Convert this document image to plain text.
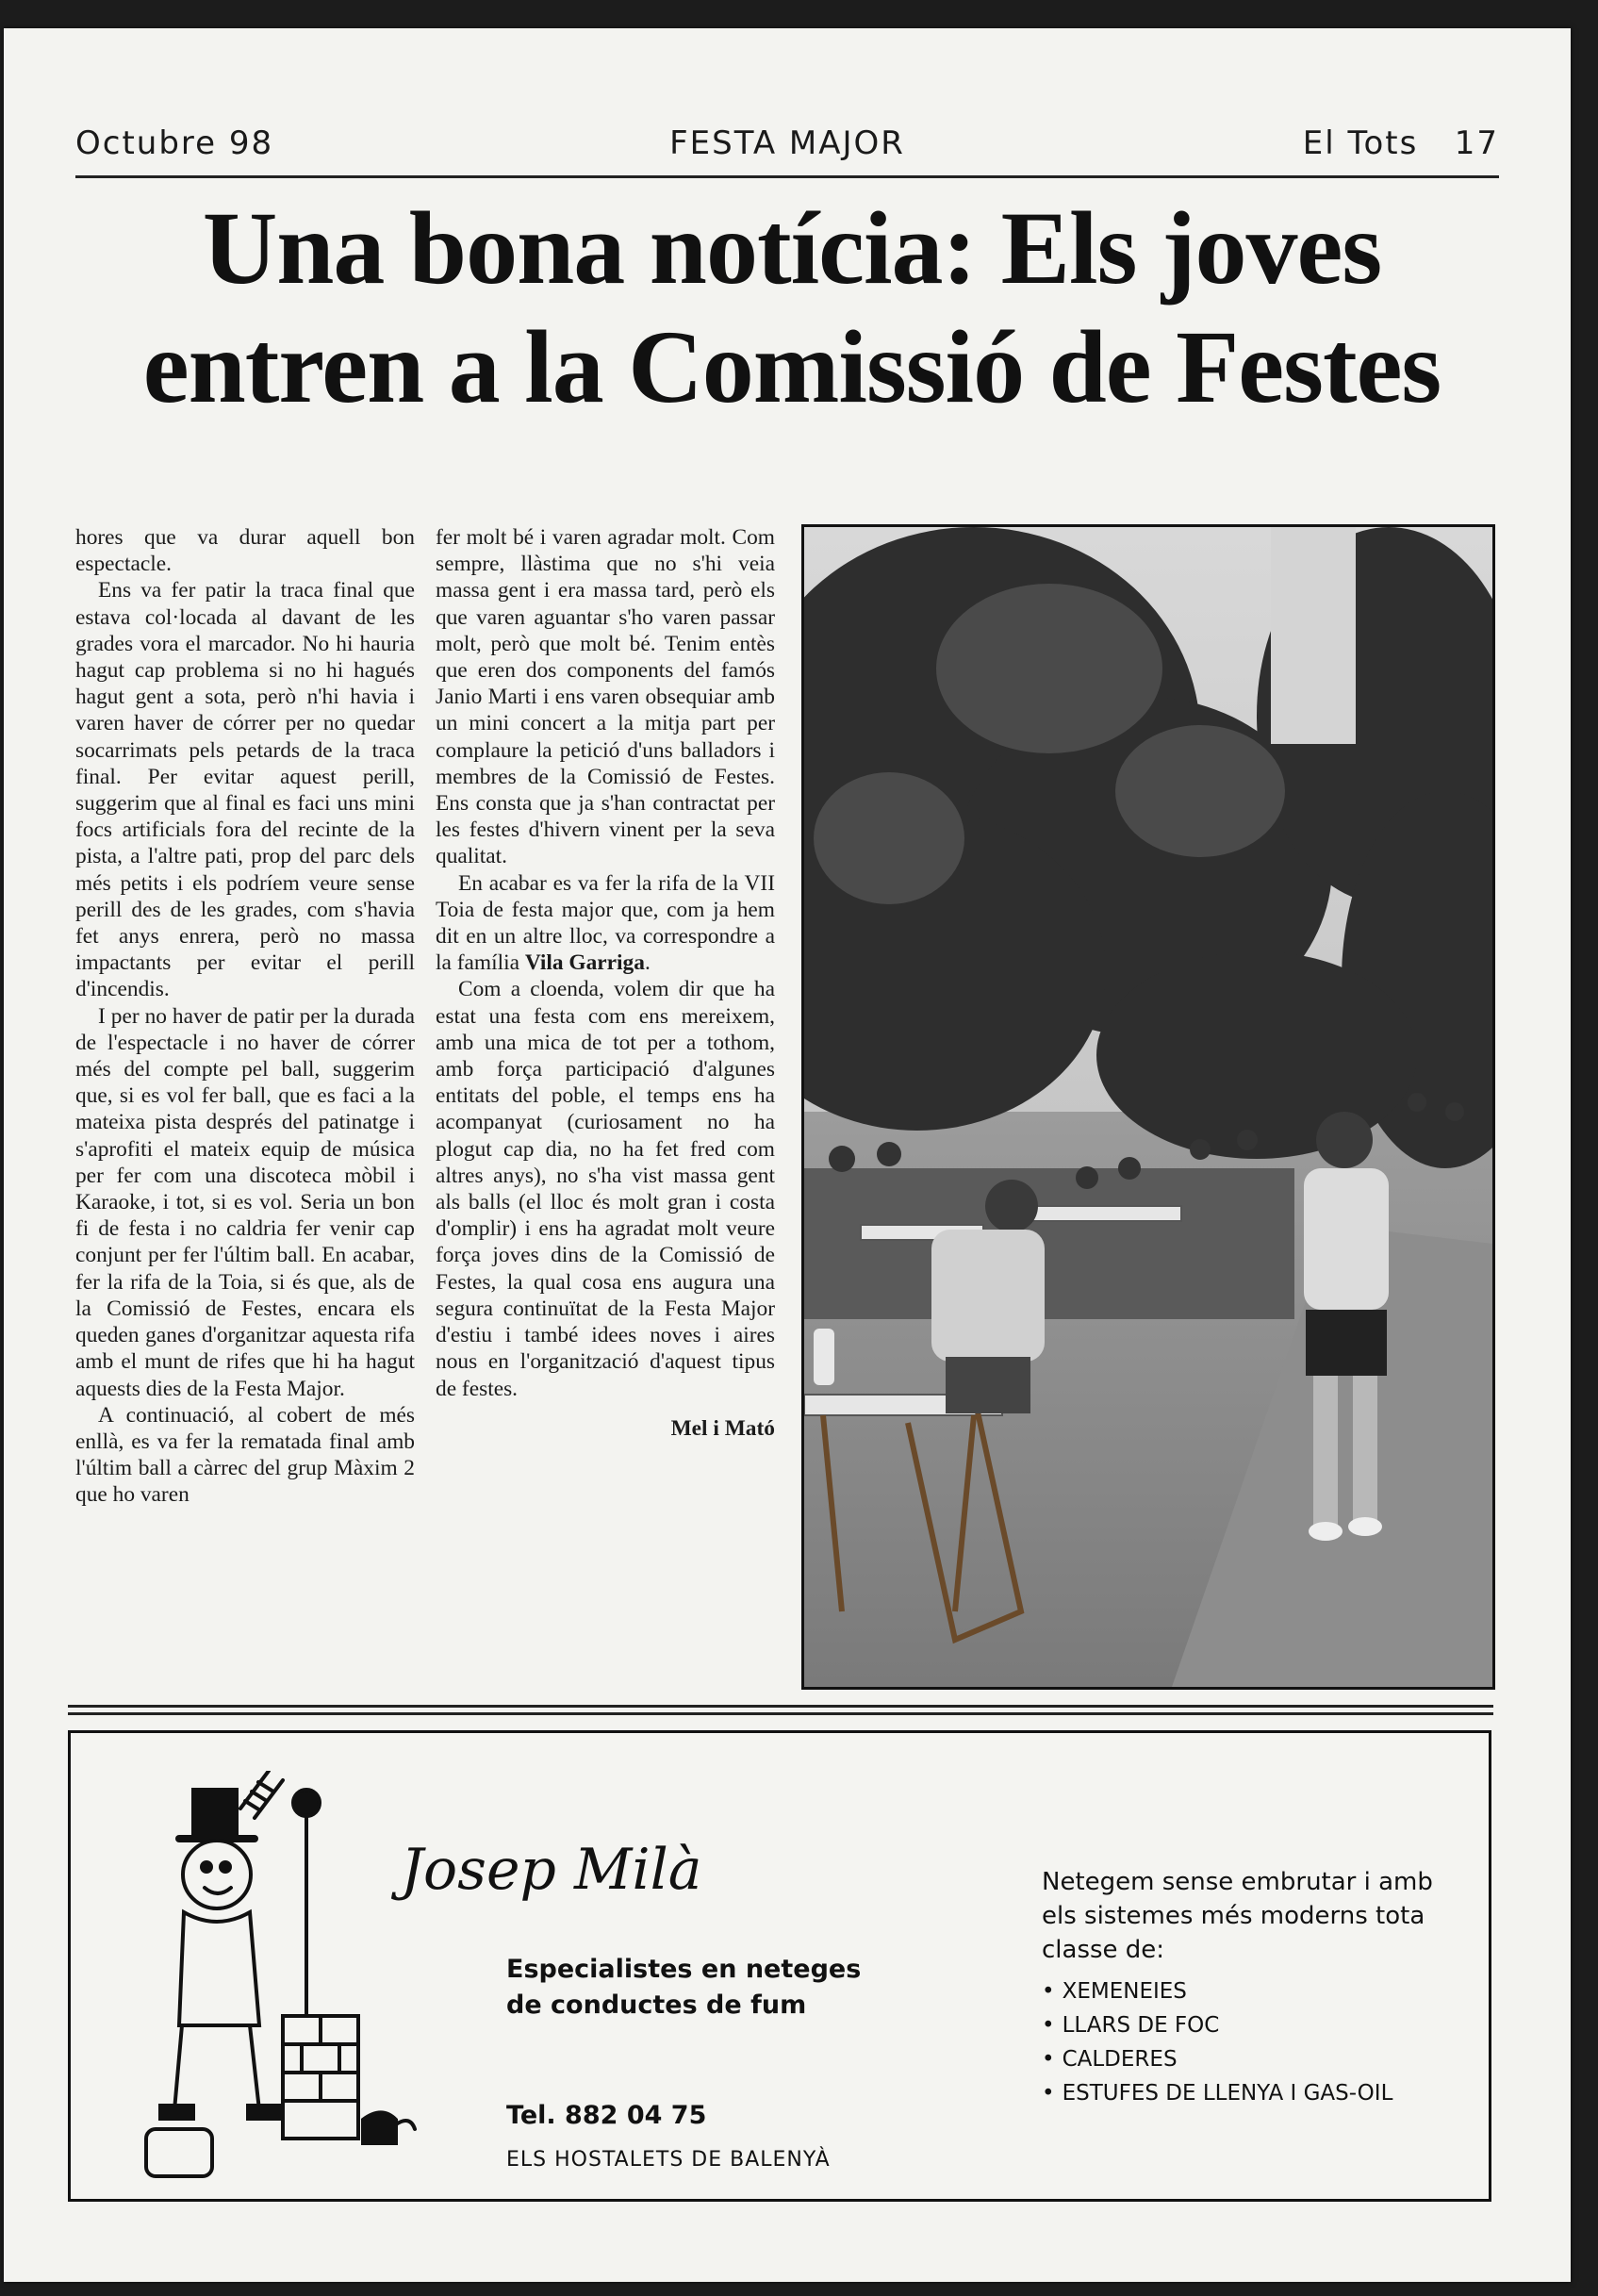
Octubre 98	FESTA MAJOR	El Tots 17
Una bona notícia: Els joves
entren a la Comissió de Festes

hores que va durar aquell bon espectacle.

Ens va fer patir la traca final que estava col·locada al davant de les grades vora el marcador. No hi hauria hagut cap problema si no hi hagués hagut gent a sota, però n'hi havia i varen haver de córrer per no quedar socarrimats pels petards de la traca final. Per evitar aquest perill, suggerim que al final es faci uns mini focs artificials fora del recinte de la pista, a l'altre pati, prop del parc dels més petits i els podríem veure sense perill des de les grades, com s'havia fet anys enrera, però no massa impactants per evitar el perill d'incendis.

I per no haver de patir per la durada de l'espectacle i no haver de córrer més del compte pel ball, suggerim que, si es vol fer ball, que es faci a la mateixa pista després del patinatge i s'aprofiti el mateix equip de música per fer com una discoteca mòbil i Karaoke, i tot, si es vol. Seria un bon fi de festa i no caldria fer venir cap conjunt per fer l'últim ball. En acabar, fer la rifa de la Toia, si és que, als de la Comissió de Festes, encara els queden ganes d'organitzar aquesta rifa amb el munt de rifes que hi ha hagut aquests dies de la Festa Major.

A continuació, al cobert de més enllà, es va fer la rematada final amb l'últim ball a càrrec del grup Màxim 2 que ho varen

fer molt bé i varen agradar molt. Com sempre, llàstima que no s'hi veia massa gent i era massa tard, però els que varen aguantar s'ho varen passar molt, però que molt bé. Tenim entès que eren dos components del famós Janio Marti i ens varen obsequiar amb un mini concert a la mitja part per complaure la petició d'uns balladors i membres de la Comissió de Festes. Ens consta que ja s'han contractat per les festes d'hivern vinent per la seva qualitat.

En acabar es va fer la rifa de la VII Toia de festa major que, com ja hem dit en un altre lloc, va correspondre a la família Vila Garriga.

Com a cloenda, volem dir que ha estat una festa com ens mereixem, amb una mica de tot per a tothom, amb força participació d'algunes entitats del poble, el temps ens ha acompanyat (curiosament no ha plogut cap dia, no ha fet fred com altres anys), no s'ha vist massa gent als balls (el lloc és molt gran i costa d'omplir) i ens ha agradat molt veure força joves dins de la Comissió de Festes, la qual cosa ens augura una segura continuïtat de la Festa Major d'estiu i també idees noves i aires nous en l'organització d'aquest tipus de festes.

Mel i Mató
Josep Milà
Especialistes en neteges de conductes de fum
Tel. 882 04 75
ELS HOSTALETS DE BALENYÀ
Netegem sense embrutar i amb els sistemes més moderns tota classe de:
• XEMENEIES
• LLARS DE FOC
• CALDERES
• ESTUFES DE LLENYA I GAS-OIL
